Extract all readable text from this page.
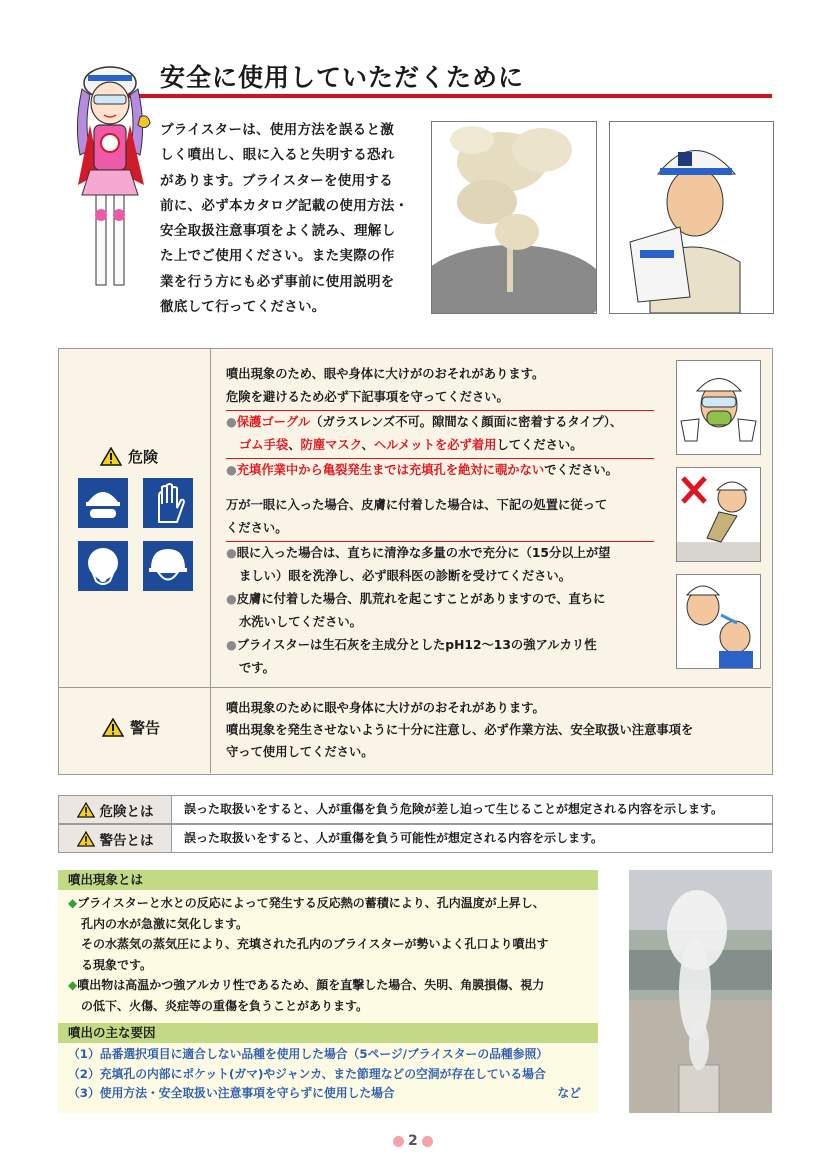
安全に使用していただくために
ブライスターは、使用方法を誤ると激
しく噴出し、眼に入ると失明する恐れ
があります。ブライスターを使用する
前に、必ず本カタログ記載の使用方法・
安全取扱注意事項をよく読み、理解し
た上でご使用ください。また実際の作
業を行う方にも必ず事前に使用説明を
徹底して行ってください。
危険
噴出現象のため、眼や身体に大けがのおそれがあります。
危険を避けるため必ず下記事項を守ってください。
●保護ゴーグル（ガラスレンズ不可。隙間なく顔面に密着するタイプ）、
ゴム手袋、防塵マスク、ヘルメットを必ず着用してください。
●充填作業中から亀裂発生までは充填孔を絶対に覗かないでください。
万が一眼に入った場合、皮膚に付着した場合は、下記の処置に従って
ください。
●眼に入った場合は、直ちに清浄な多量の水で充分に（15分以上が望
ましい）眼を洗浄し、必ず眼科医の診断を受けてください。
●皮膚に付着した場合、肌荒れを起こすことがありますので、直ちに
水洗いしてください。
●ブライスターは生石灰を主成分としたpH12〜13の強アルカリ性
です。
警告
噴出現象のために眼や身体に大けがのおそれがあります。
噴出現象を発生させないように十分に注意し、必ず作業方法、安全取扱い注意事項を
守って使用してください。
危険とは	誤った取扱いをすると、人が重傷を負う危険が差し迫って生じることが想定される内容を示します。
警告とは	誤った取扱いをすると、人が重傷を負う可能性が想定される内容を示します。
噴出現象とは
◆ブライスターと水との反応によって発生する反応熱の蓄積により、孔内温度が上昇し、
孔内の水が急激に気化します。
その水蒸気の蒸気圧により、充填された孔内のブライスターが勢いよく孔口より噴出す
る現象です。
◆噴出物は高温かつ強アルカリ性であるため、顔を直撃した場合、失明、角膜損傷、視力
の低下、火傷、炎症等の重傷を負うことがあります。
噴出の主な要因
（1）品番選択項目に適合しない品種を使用した場合（5ページ/ブライスターの品種参照）
（2）充填孔の内部にポケット(ガマ)やジャンカ、また節理などの空洞が存在している場合
（3）使用方法・安全取扱い注意事項を守らずに使用した場合	など
2
